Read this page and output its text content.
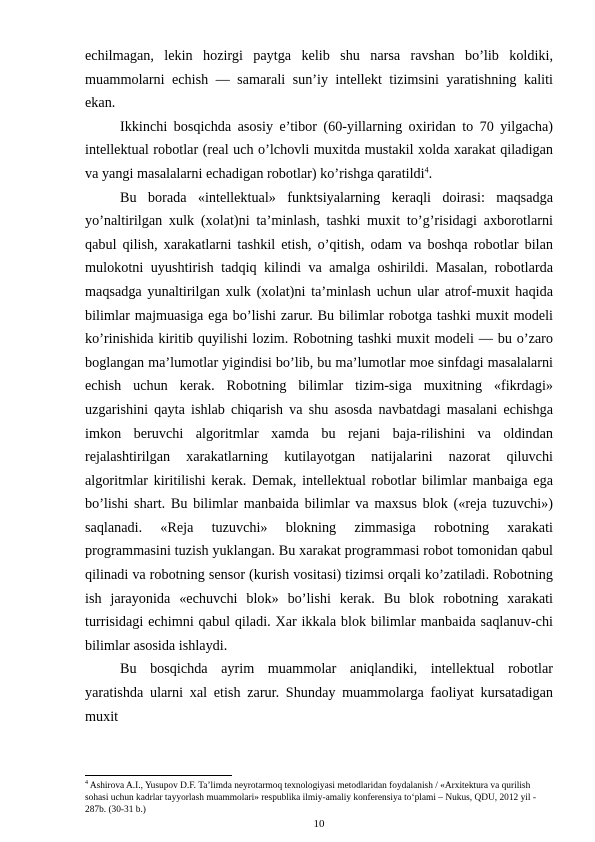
echilmagan, lekin hozirgi paytga kelib shu narsa ravshan bo’lib koldiki, muammolarni echish — samarali sun’iy intellekt tizimsini yaratishning kaliti ekan.

Ikkinchi bosqichda asosiy e’tibor (60-yillarning oxiridan to 70 yilgacha) intellektual robotlar (real uch o’lchovli muxitda mustakil xolda xarakat qiladigan va yangi masalalarni echadigan robotlar) ko’rishga qaratildi$^4$.

Bu borada «intellektual» funktsiyalarning keraqli doirasi: maqsadga yo’naltirilgan xulk (xolat)ni ta’minlash, tashki muxit to’g’risidagi axborotlarni qabul qilish, xarakatlarni tashkil etish, o’qitish, odam va boshqa robotlar bilan mulokotni uyushtirish tadqiq kilindi va amalga oshirildi. Masalan, robotlarda maqsadga yunaltirilgan xulk (xolat)ni ta’minlash uchun ular atrof-muxit haqida bilimlar majmuasiga ega bo’lishi zarur. Bu bilimlar robotga tashki muxit modeli ko’rinishida kiritib quyilishi lozim. Robotning tashki muxit modeli — bu o’zaro boglangan ma’lumotlar yigindisi bo’lib, bu ma’lumotlar moe sinfdagi masalalarni echish uchun kerak. Robotning bilimlar tizim-siga muxitning «fikrdagi» uzgarishini qayta ishlab chiqarish va shu asosda navbatdagi masalani echishga imkon beruvchi algoritmlar xamda bu rejani baja-rilishini va oldindan rejalashtirilgan xarakatlarning kutilayotgan natijalarini nazorat qiluvchi algoritmlar kiritilishi kerak. Demak, intellektual robotlar bilimlar manbaiga ega bo’lishi shart. Bu bilimlar manbaida bilimlar va maxsus blok («reja tuzuvchi») saqlanadi. «Reja tuzuvchi» blokning zimmasiga robotning xarakati programmasini tuzish yuklangan. Bu xarakat programmasi robot tomonidan qabul qilinadi va robotning sensor (kurish vositasi) tizimsi orqali ko’zatiladi. Robotning ish jarayonida «echuvchi blok» bo’lishi kerak. Bu blok robotning xarakati turrisidagi echimni qabul qiladi. Xar ikkala blok bilimlar manbaida saqlanuv-chi bilimlar asosida ishlaydi.

Bu bosqichda ayrim muammolar aniqlandiki, intellektual robotlar yaratishda ularni xal etish zarur. Shunday muammolarga faoliyat kursatadigan muxit

$^4$ Ashirova A.I., Yusupov D.F. Ta’limda neyrotarmoq texnologiyasi metodlaridan foydalanish / «Arxitektura va qurilish sohasi uchun kadrlar tayyorlash muammolari» respublika ilmiy-amaliy konferensiya to‘plami – Nukus, QDU, 2012 yil - 287b. (30-31 b.)

10
